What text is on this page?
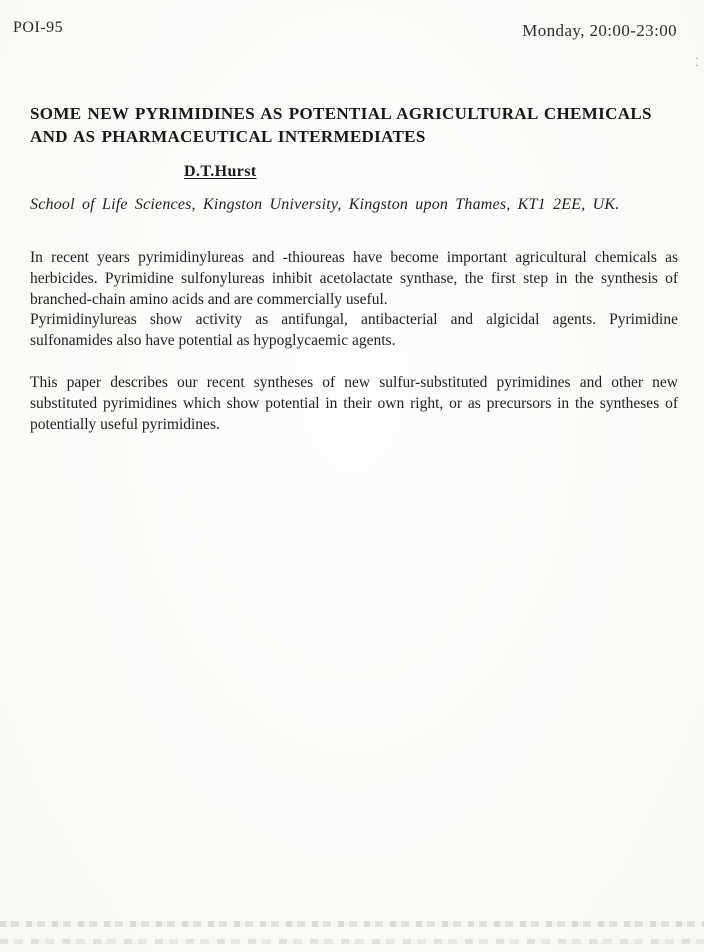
POI-95	Monday, 20:00-23:00
· ·
SOME NEW PYRIMIDINES AS POTENTIAL AGRICULTURAL CHEMICALS AND AS PHARMACEUTICAL INTERMEDIATES
D.T.Hurst
School of Life Sciences, Kingston University, Kingston upon Thames, KT1 2EE, UK.

In recent years pyrimidinylureas and -thioureas have become important agricultural chemicals as herbicides. Pyrimidine sulfonylureas inhibit acetolactate synthase, the first step in the synthesis of branched-chain amino acids and are commercially useful.

Pyrimidinylureas show activity as antifungal, antibacterial and algicidal agents. Pyrimidine sulfonamides also have potential as hypoglycaemic agents.

This paper describes our recent syntheses of new sulfur-substituted pyrimidines and other new substituted pyrimidines which show potential in their own right, or as precursors in the syntheses of potentially useful pyrimidines.
